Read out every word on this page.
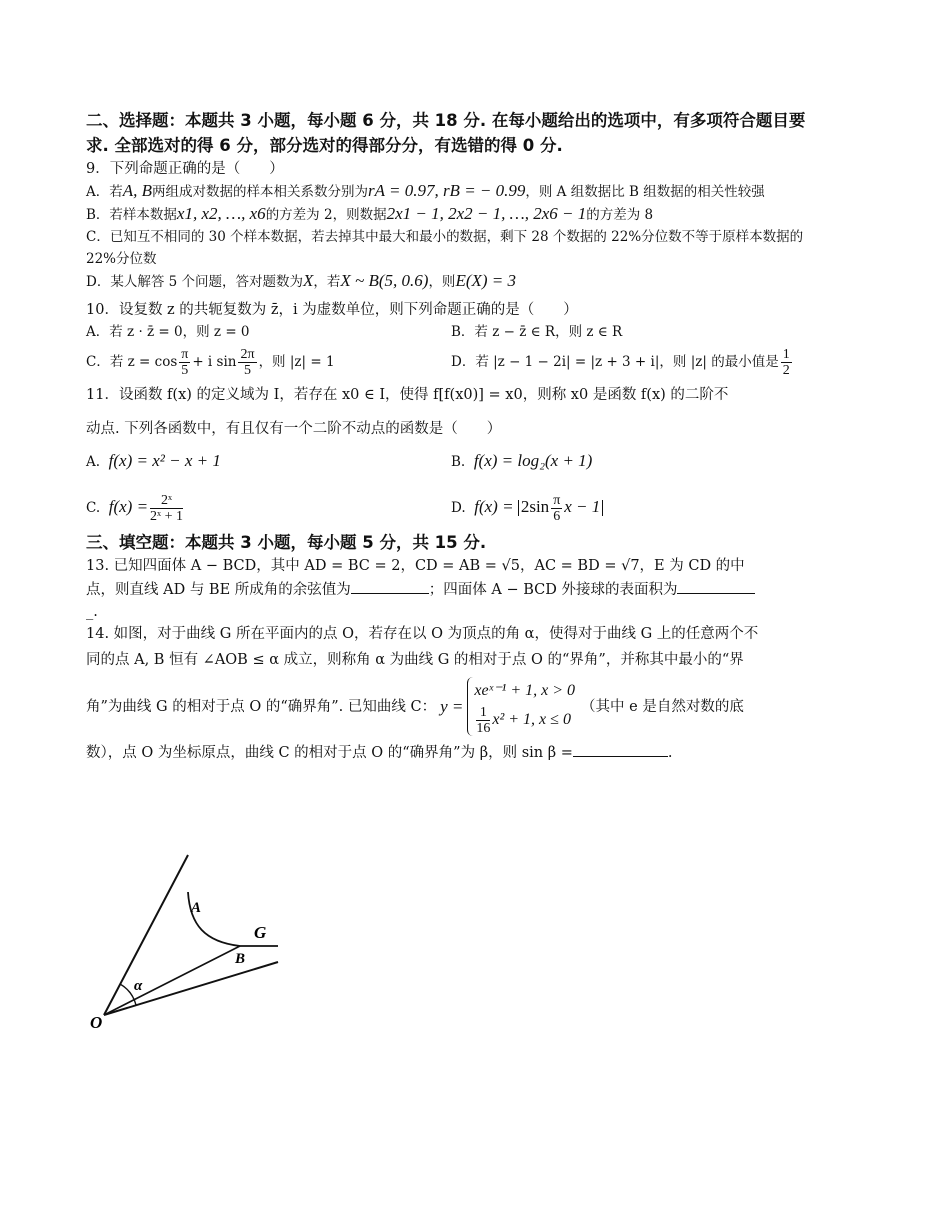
二、选择题：本题共 3 小题，每小题 6 分，共 18 分. 在每小题给出的选项中，有多项符合题目要求. 全部选对的得 6 分，部分选对的得部分分，有选错的得 0 分.

9．下列命题正确的是（　　）

A．若A, B两组成对数据的样本相关系数分别为rA = 0.97, rB = − 0.99，则 A 组数据比 B 组数据的相关性较强

B．若样本数据x1, x2, …, x6的方差为 2，则数据2x1 − 1, 2x2 − 1, …, 2x6 − 1的方差为 8

C．已知互不相同的 30 个样本数据，若去掉其中最大和最小的数据，剩下 28 个数据的 22%分位数不等于原样本数据的 22%分位数

D．某人解答 5 个问题，答对题数为X，若X ~ B(5, 0.6)，则E(X) = 3

10．设复数 z 的共轭复数为 z̄，i 为虚数单位，则下列命题正确的是（　　）

A．若 z · z̄ = 0，则 z = 0	B．若 z − z̄ ∈ R，则 z ∈ R
C．若 $z = \cos \frac{\pi}{5} + i$ $\sin \frac{2\pi}{5}$ ，则 |z| = 1	D．若 |z − 1 − 2i| = |z + 3 + i|，则 |z| 的最小值是 $\frac{1}{2}$

11．设函数 f(x) 的定义域为 I，若存在 x0 ∈ I，使得 f[f(x0)] = x0，则称 x0 是函数 f(x) 的二阶不

动点. 下列各函数中，有且仅有一个二阶不动点的函数是（　　）

A. f(x) = x² − x + 1	B. f(x) = log₂(x + 1)
C. $f(x) = \frac{\text{2ˣ}}{\text{2ˣ + 1}}$	D. $f(x) = 2\sin \frac{\pi}{6}$ x − 1

三、填空题：本题共 3 小题，每小题 5 分，共 15 分.

13. 已知四面体 A − BCD，其中 AD = BC = 2，CD = AB = √5，AC = BD = √7，E 为 CD 的中

点，则直线 AD 与 BE 所成角的余弦值为	；四面体 A − BCD 外接球的表面积为

_.

14. 如图，对于曲线 G 所在平面内的点 O，若存在以 O 为顶点的角 α，使得对于曲线 G 上的任意两个不

同的点 A, B 恒有 ∠AOB ≤ α 成立，则称角 α 为曲线 G 的相对于点 O 的“界角”，并称其中最小的“界

角”为曲线 G 的相对于点 O 的“确界角”. 已知曲线 C： y =
xeˣ⁻¹ + 1, x > 0
$\frac{1}{16} x^2 + 1$, x ≤ 0
（其中 e 是自然对数的底

数），点 O 为坐标原点，曲线 C 的相对于点 O 的“确界角”为 β，则 sin β =	.

A
B
G
O
α
